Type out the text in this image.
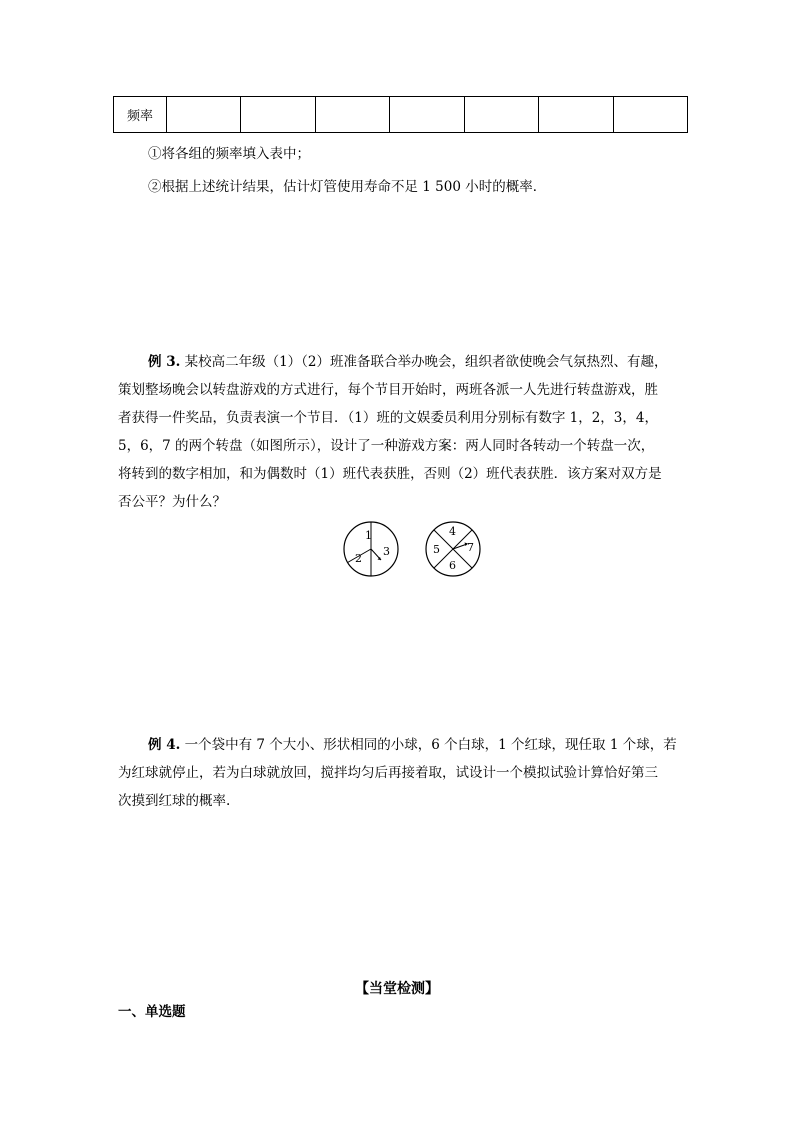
频率							
①将各组的频率填入表中；
②根据上述统计结果，估计灯管使用寿命不足 1 500 小时的概率．
例 3. 某校高二年级（1）（2）班准备联合举办晚会，组织者欲使晚会气氛热烈、有趣，
策划整场晚会以转盘游戏的方式进行，每个节目开始时，两班各派一人先进行转盘游戏，胜
者获得一件奖品，负责表演一个节目．（1）班的文娱委员利用分别标有数字 1，2，3，4，
5，6，7 的两个转盘（如图所示），设计了一种游戏方案：两人同时各转动一个转盘一次，
将转到的数字相加，和为偶数时（1）班代表获胜，否则（2）班代表获胜．该方案对双方是
否公平？为什么？
1
2
3
4
5
6
7
例 4. 一个袋中有 7 个大小、形状相同的小球，6 个白球，1 个红球，现任取 1 个球，若
为红球就停止，若为白球就放回，搅拌均匀后再接着取，试设计一个模拟试验计算恰好第三
次摸到红球的概率.
【当堂检测】
一、单选题
